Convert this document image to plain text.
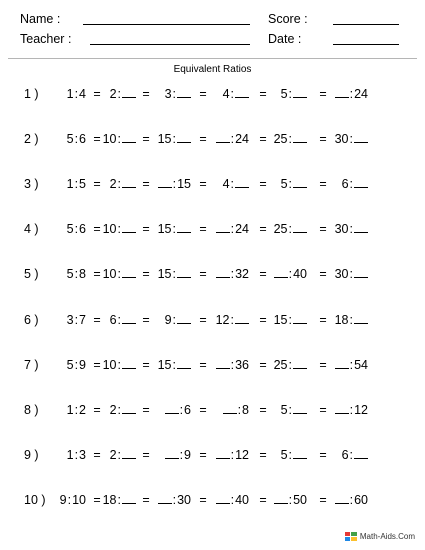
Name :	Score :
Teacher :	Date :
Equivalent Ratios
1 )	1:4 = 2:	=	3:	=	4:	=	5:	=	:24
2 )	5:6 = 10:	= 15:	=	:24 = 25:	= 30:
3 )	1:5 = 2:	=	:15 =	4:	=	5:	=	6:
4 )	5:6 = 10:	= 15:	=	:24 = 25:	= 30:
5 )	5:8 = 10:	= 15:	=	:32 =	:40 = 30:
6 )	3:7 = 6:	=	9:	= 12:	= 15:	= 18:
7 )	5:9 = 10:	= 15:	=	:36 = 25:	=	:54
8 )	1:2 = 2:	=	:6 =	:8 =	5:	=	:12
9 )	1:3 = 2:	=	:9 =	:12 =	5:	=	6:
10 )	9:10 = 18:	=	:30 =	:40 =	:50 =	:60
Math-Aids.Com
